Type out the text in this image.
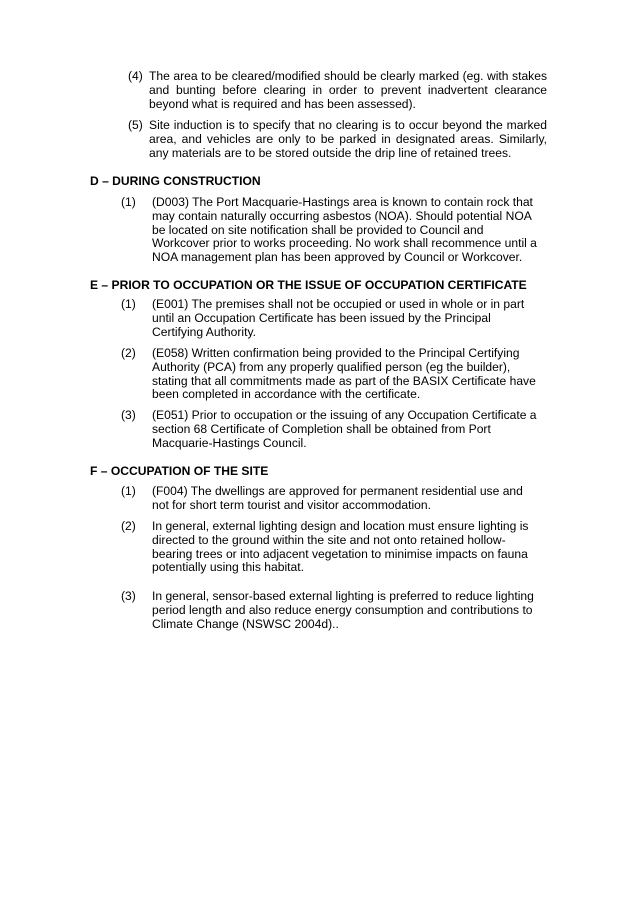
(4) The area to be cleared/modified should be clearly marked (eg. with stakes and bunting before clearing in order to prevent inadvertent clearance beyond what is required and has been assessed).
(5) Site induction is to specify that no clearing is to occur beyond the marked area, and vehicles are only to be parked in designated areas. Similarly, any materials are to be stored outside the drip line of retained trees.
D – DURING CONSTRUCTION
(1) (D003) The Port Macquarie-Hastings area is known to contain rock that may contain naturally occurring asbestos (NOA). Should potential NOA be located on site notification shall be provided to Council and Workcover prior to works proceeding. No work shall recommence until a NOA management plan has been approved by Council or Workcover.
E – PRIOR TO OCCUPATION OR THE ISSUE OF OCCUPATION CERTIFICATE
(1) (E001) The premises shall not be occupied or used in whole or in part until an Occupation Certificate has been issued by the Principal Certifying Authority.
(2) (E058) Written confirmation being provided to the Principal Certifying Authority (PCA) from any properly qualified person (eg the builder), stating that all commitments made as part of the BASIX Certificate have been completed in accordance with the certificate.
(3) (E051) Prior to occupation or the issuing of any Occupation Certificate a section 68 Certificate of Completion shall be obtained from Port Macquarie-Hastings Council.
F – OCCUPATION OF THE SITE
(1) (F004) The dwellings are approved for permanent residential use and not for short term tourist and visitor accommodation.
(2) In general, external lighting design and location must ensure lighting is directed to the ground within the site and not onto retained hollow-bearing trees or into adjacent vegetation to minimise impacts on fauna potentially using this habitat.
(3) In general, sensor-based external lighting is preferred to reduce lighting period length and also reduce energy consumption and contributions to Climate Change (NSWSC 2004d)..
